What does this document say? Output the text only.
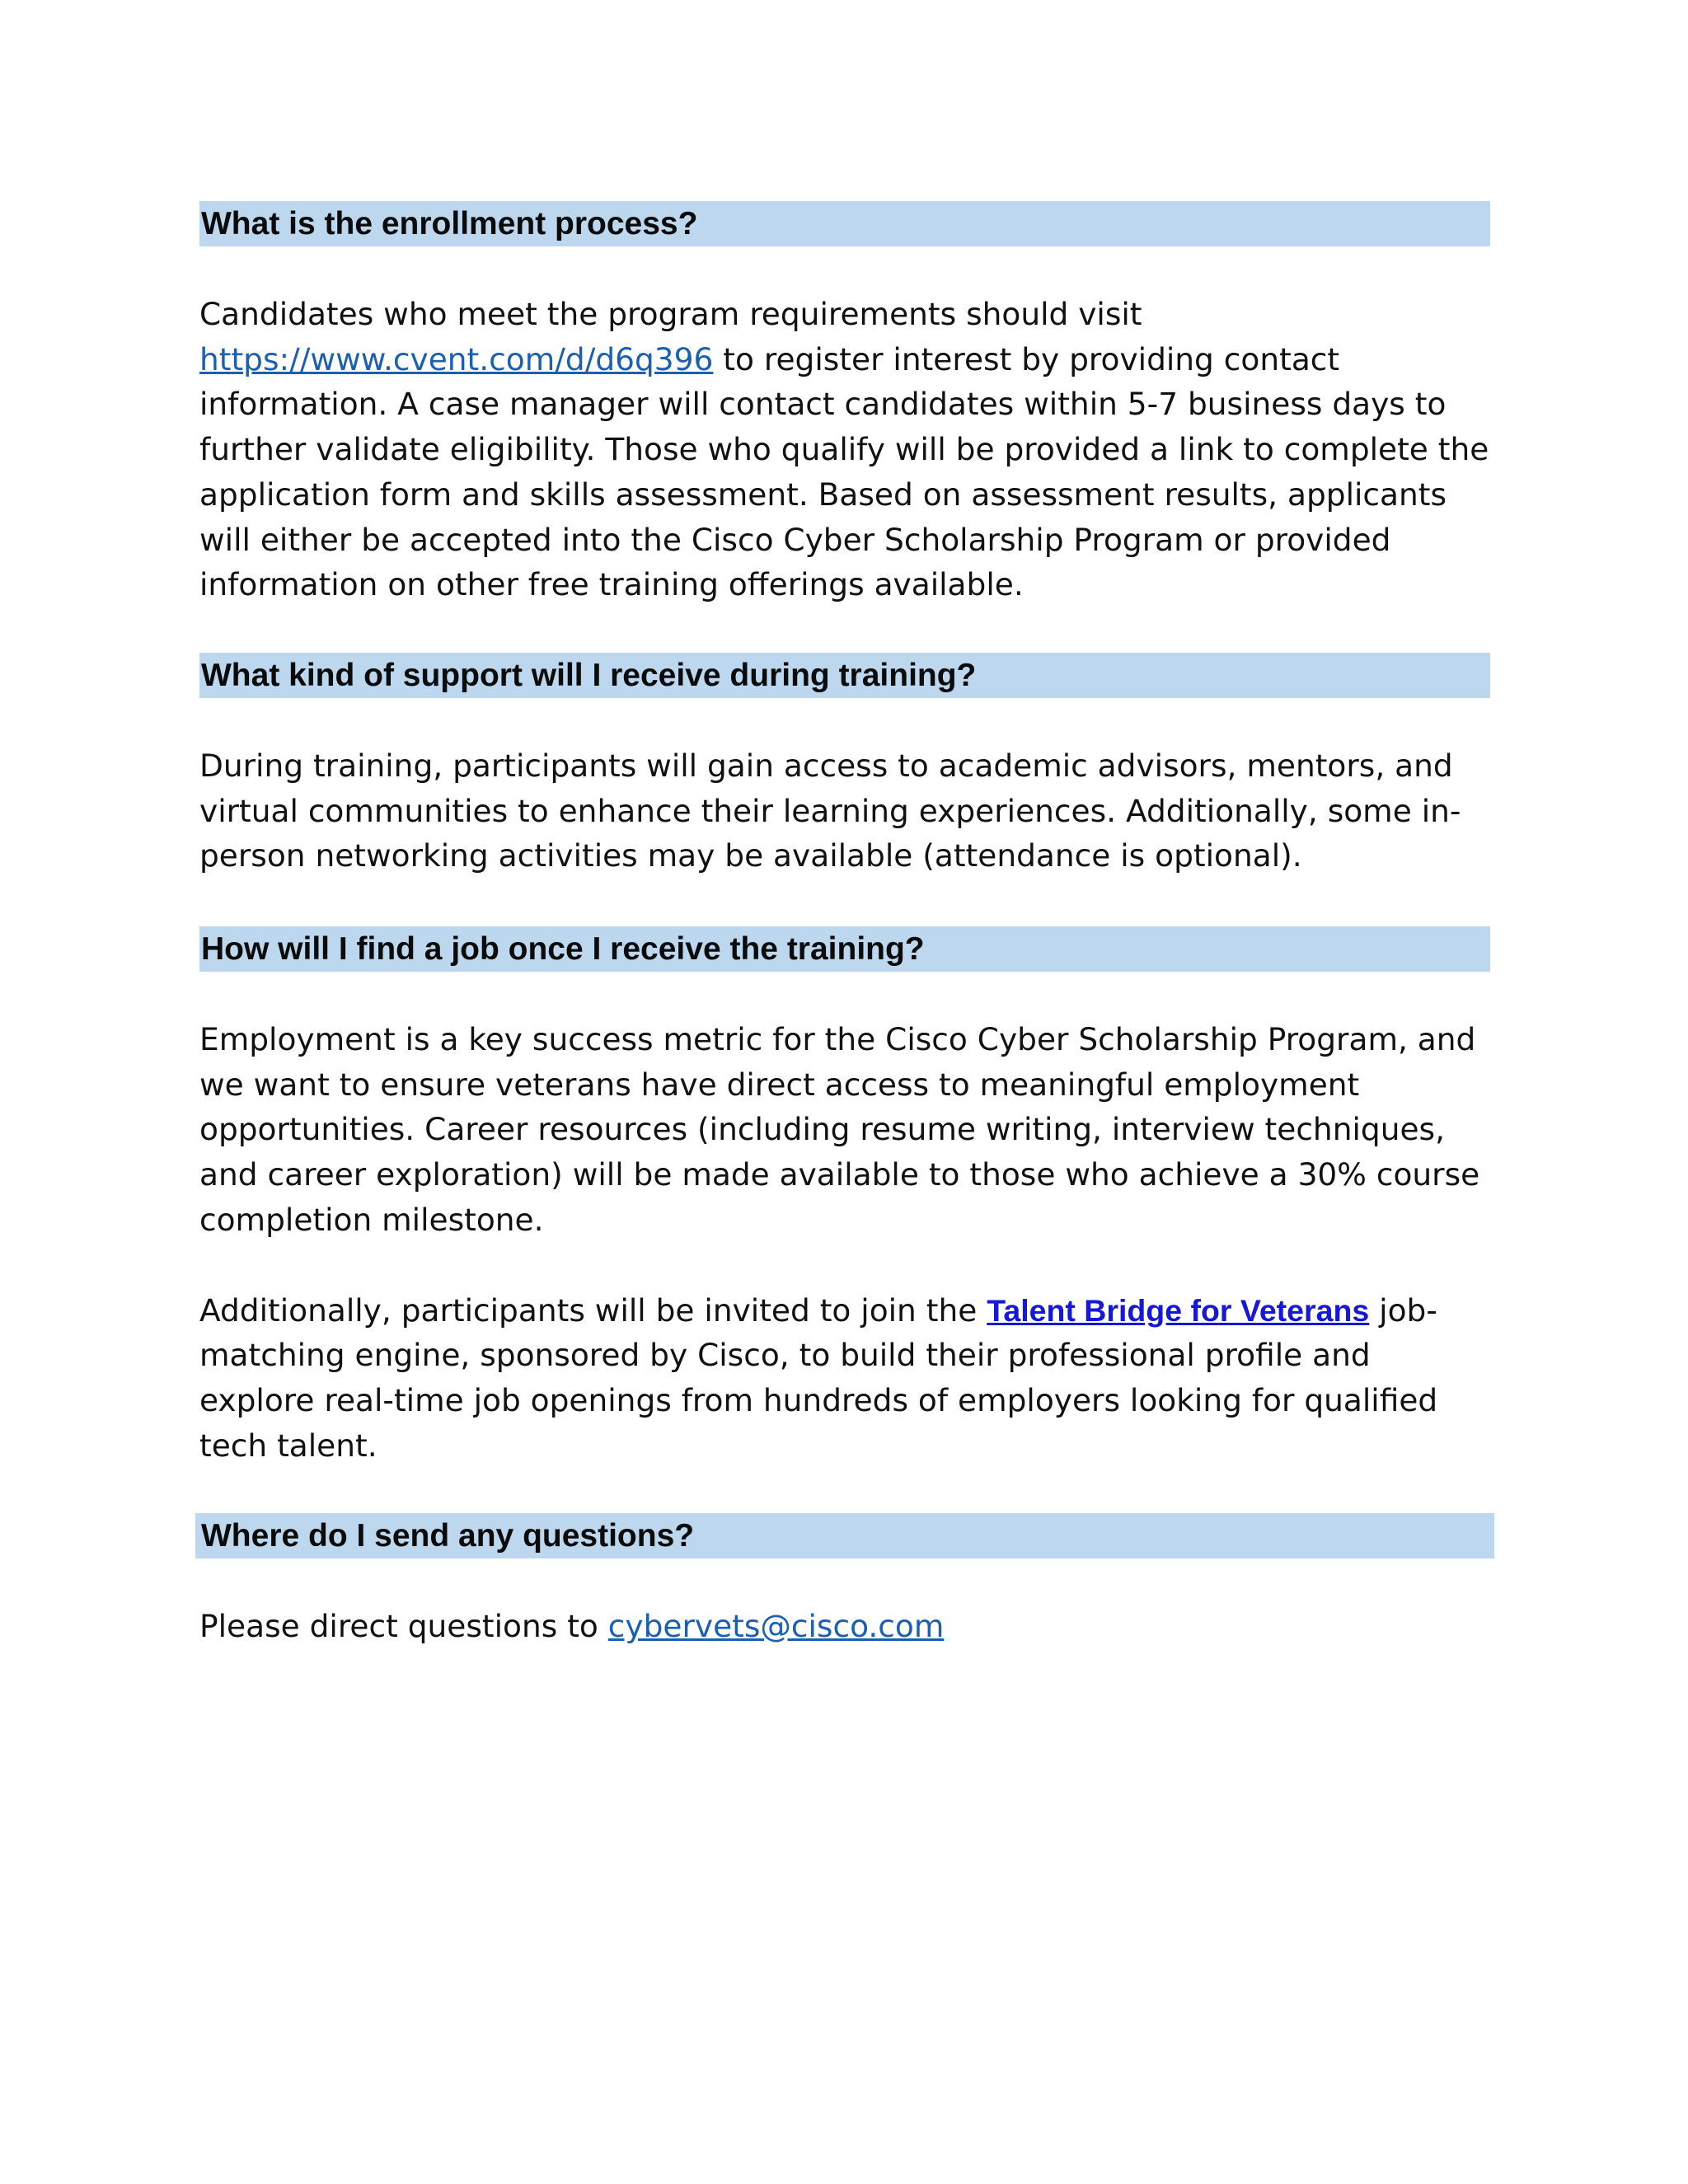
What is the enrollment process?

Candidates who meet the program requirements should visit

https://www.cvent.com/d/d6q396 to register interest by providing contact

information. A case manager will contact candidates within 5-7 business days to

further validate eligibility. Those who qualify will be provided a link to complete the

application form and skills assessment. Based on assessment results, applicants

will either be accepted into the Cisco Cyber Scholarship Program or provided

information on other free training offerings available.

What kind of support will I receive during training?

During training, participants will gain access to academic advisors, mentors, and

virtual communities to enhance their learning experiences. Additionally, some in-

person networking activities may be available (attendance is optional).

How will I find a job once I receive the training?

Employment is a key success metric for the Cisco Cyber Scholarship Program, and

we want to ensure veterans have direct access to meaningful employment

opportunities. Career resources (including resume writing, interview techniques,

and career exploration) will be made available to those who achieve a 30% course

completion milestone.

Additionally, participants will be invited to join the Talent Bridge for Veterans job-

matching engine, sponsored by Cisco, to build their professional profile and

explore real-time job openings from hundreds of employers looking for qualified

tech talent.

Where do I send any questions?

Please direct questions to cybervets@cisco.com
